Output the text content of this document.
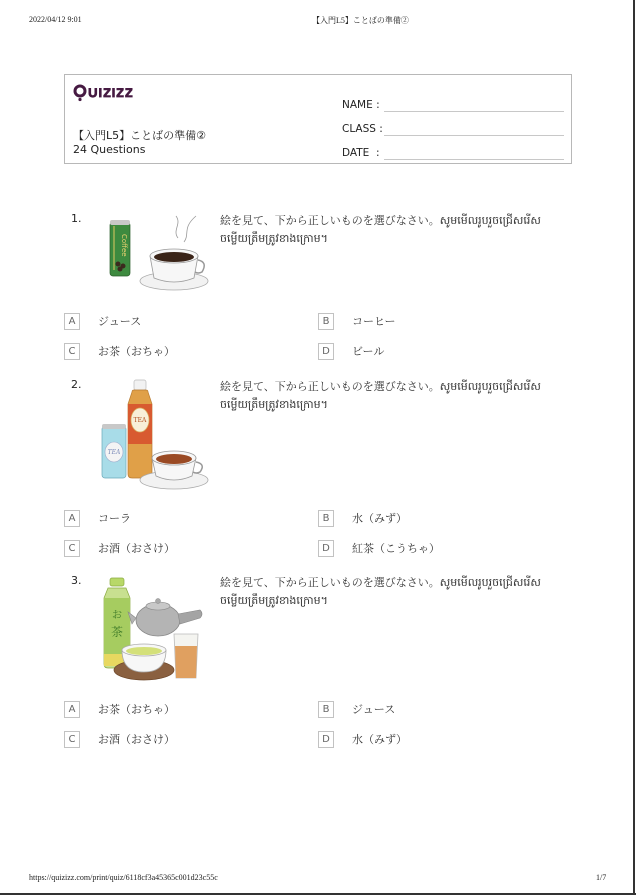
2022/04/12 9:01	【入門L5】ことばの準備②
【入門L5】ことばの準備②
24 Questions
NAME :
CLASS :
DATE  :
1.
Coffee
絵を見て、下から正しいものを選びなさい。សូមមើលរូបរួចជ្រើសរើសចម្លើយត្រឹមត្រូវខាងក្រោម។
A	ジュース	B	コーヒー
C	お茶（おちゃ）	D	ビール
2.
TEA
TEA
絵を見て、下から正しいものを選びなさい。សូមមើលរូបរួចជ្រើសរើសចម្លើយត្រឹមត្រូវខាងក្រោម។
A	コーラ	B	水（みず）
C	お酒（おさけ）	D	紅茶（こうちゃ）
3.
お
茶
絵を見て、下から正しいものを選びなさい。សូមមើលរូបរួចជ្រើសរើសចម្លើយត្រឹមត្រូវខាងក្រោម។
A	お茶（おちゃ）	B	ジュース
C	お酒（おさけ）	D	水（みず）
https://quizizz.com/print/quiz/6118cf3a45365c001d23c55c	1/7
